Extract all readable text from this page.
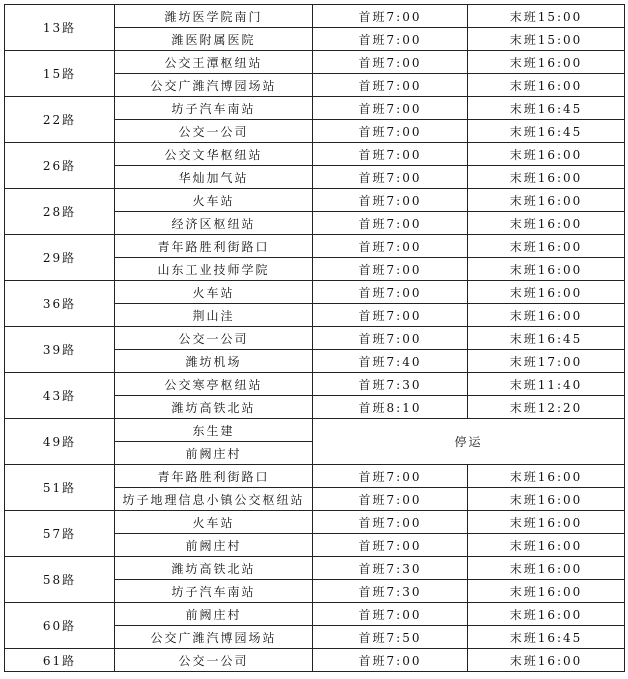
13路	潍坊医学院南门	首班7:00	末班15:00
	潍医附属医院	首班7:00	末班15:00
15路	公交王潭枢纽站	首班7:00	末班16:00
	公交广潍汽博园场站	首班7:00	末班16:00
22路	坊子汽车南站	首班7:00	末班16:45
	公交一公司	首班7:00	末班16:45
26路	公交文华枢纽站	首班7:00	末班16:00
	华灿加气站	首班7:00	末班16:00
28路	火车站	首班7:00	末班16:00
	经济区枢纽站	首班7:00	末班16:00
29路	青年路胜利街路口	首班7:00	末班16:00
	山东工业技师学院	首班7:00	末班16:00
36路	火车站	首班7:00	末班16:00
	荆山洼	首班7:00	末班16:00
39路	公交一公司	首班7:00	末班16:45
	潍坊机场	首班7:40	末班17:00
43路	公交寒亭枢纽站	首班7:30	末班11:40
	潍坊高铁北站	首班8:10	末班12:20
49路	东生建	停运	
	前阙庄村		
51路	青年路胜利街路口	首班7:00	末班16:00
	坊子地理信息小镇公交枢纽站	首班7:00	末班16:00
57路	火车站	首班7:00	末班16:00
	前阙庄村	首班7:00	末班16:00
58路	潍坊高铁北站	首班7:30	末班16:00
	坊子汽车南站	首班7:30	末班16:00
60路	前阙庄村	首班7:00	末班16:00
	公交广潍汽博园场站	首班7:50	末班16:45
61路	公交一公司	首班7:00	末班16:00
